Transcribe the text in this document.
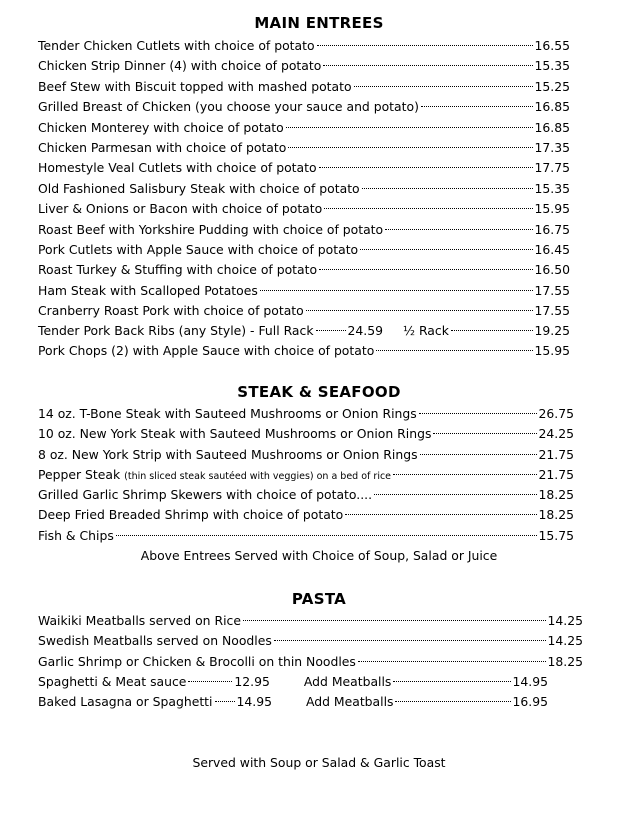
MAIN ENTREES
Tender Chicken Cutlets with choice of potato	16.55
Chicken Strip Dinner (4) with choice of potato	15.35
Beef Stew with Biscuit topped with mashed potato	15.25
Grilled Breast of Chicken (you choose your sauce and potato)	16.85
Chicken Monterey with choice of potato	16.85
Chicken Parmesan with choice of potato	17.35
Homestyle Veal Cutlets with choice of potato	17.75
Old Fashioned Salisbury Steak with choice of potato	15.35
Liver & Onions or Bacon with choice of potato	15.95
Roast Beef with Yorkshire Pudding with choice of potato	16.75
Pork Cutlets with Apple Sauce with choice of potato	16.45
Roast Turkey & Stuffing with choice of potato	16.50
Ham Steak with Scalloped Potatoes	17.55
Cranberry Roast Pork with choice of potato	17.55
Tender Pork Back Ribs (any Style) - Full Rack	24.59 ½ Rack	19.25
Pork Chops (2) with Apple Sauce with choice of potato	15.95
STEAK & SEAFOOD
14 oz. T-Bone Steak with Sauteed Mushrooms or Onion Rings	26.75
10 oz. New York Steak with Sauteed Mushrooms or Onion Rings	24.25
8 oz. New York Strip with Sauteed Mushrooms or Onion Rings	21.75
Pepper Steak (thin sliced steak sautéed with veggies) on a bed of rice	21.75
Grilled Garlic Shrimp Skewers with choice of potato....	18.25
Deep Fried Breaded Shrimp with choice of potato	18.25
Fish & Chips	15.75
Above Entrees Served with Choice of Soup, Salad or Juice
PASTA
Waikiki Meatballs served on Rice	14.25
Swedish Meatballs served on Noodles	14.25
Garlic Shrimp or Chicken & Brocolli on thin Noodles	18.25
Spaghetti & Meat sauce	12.95	Add Meatballs	14.95
Baked Lasagna or Spaghetti 14.95	Add Meatballs	16.95
Served with Soup or Salad & Garlic Toast
